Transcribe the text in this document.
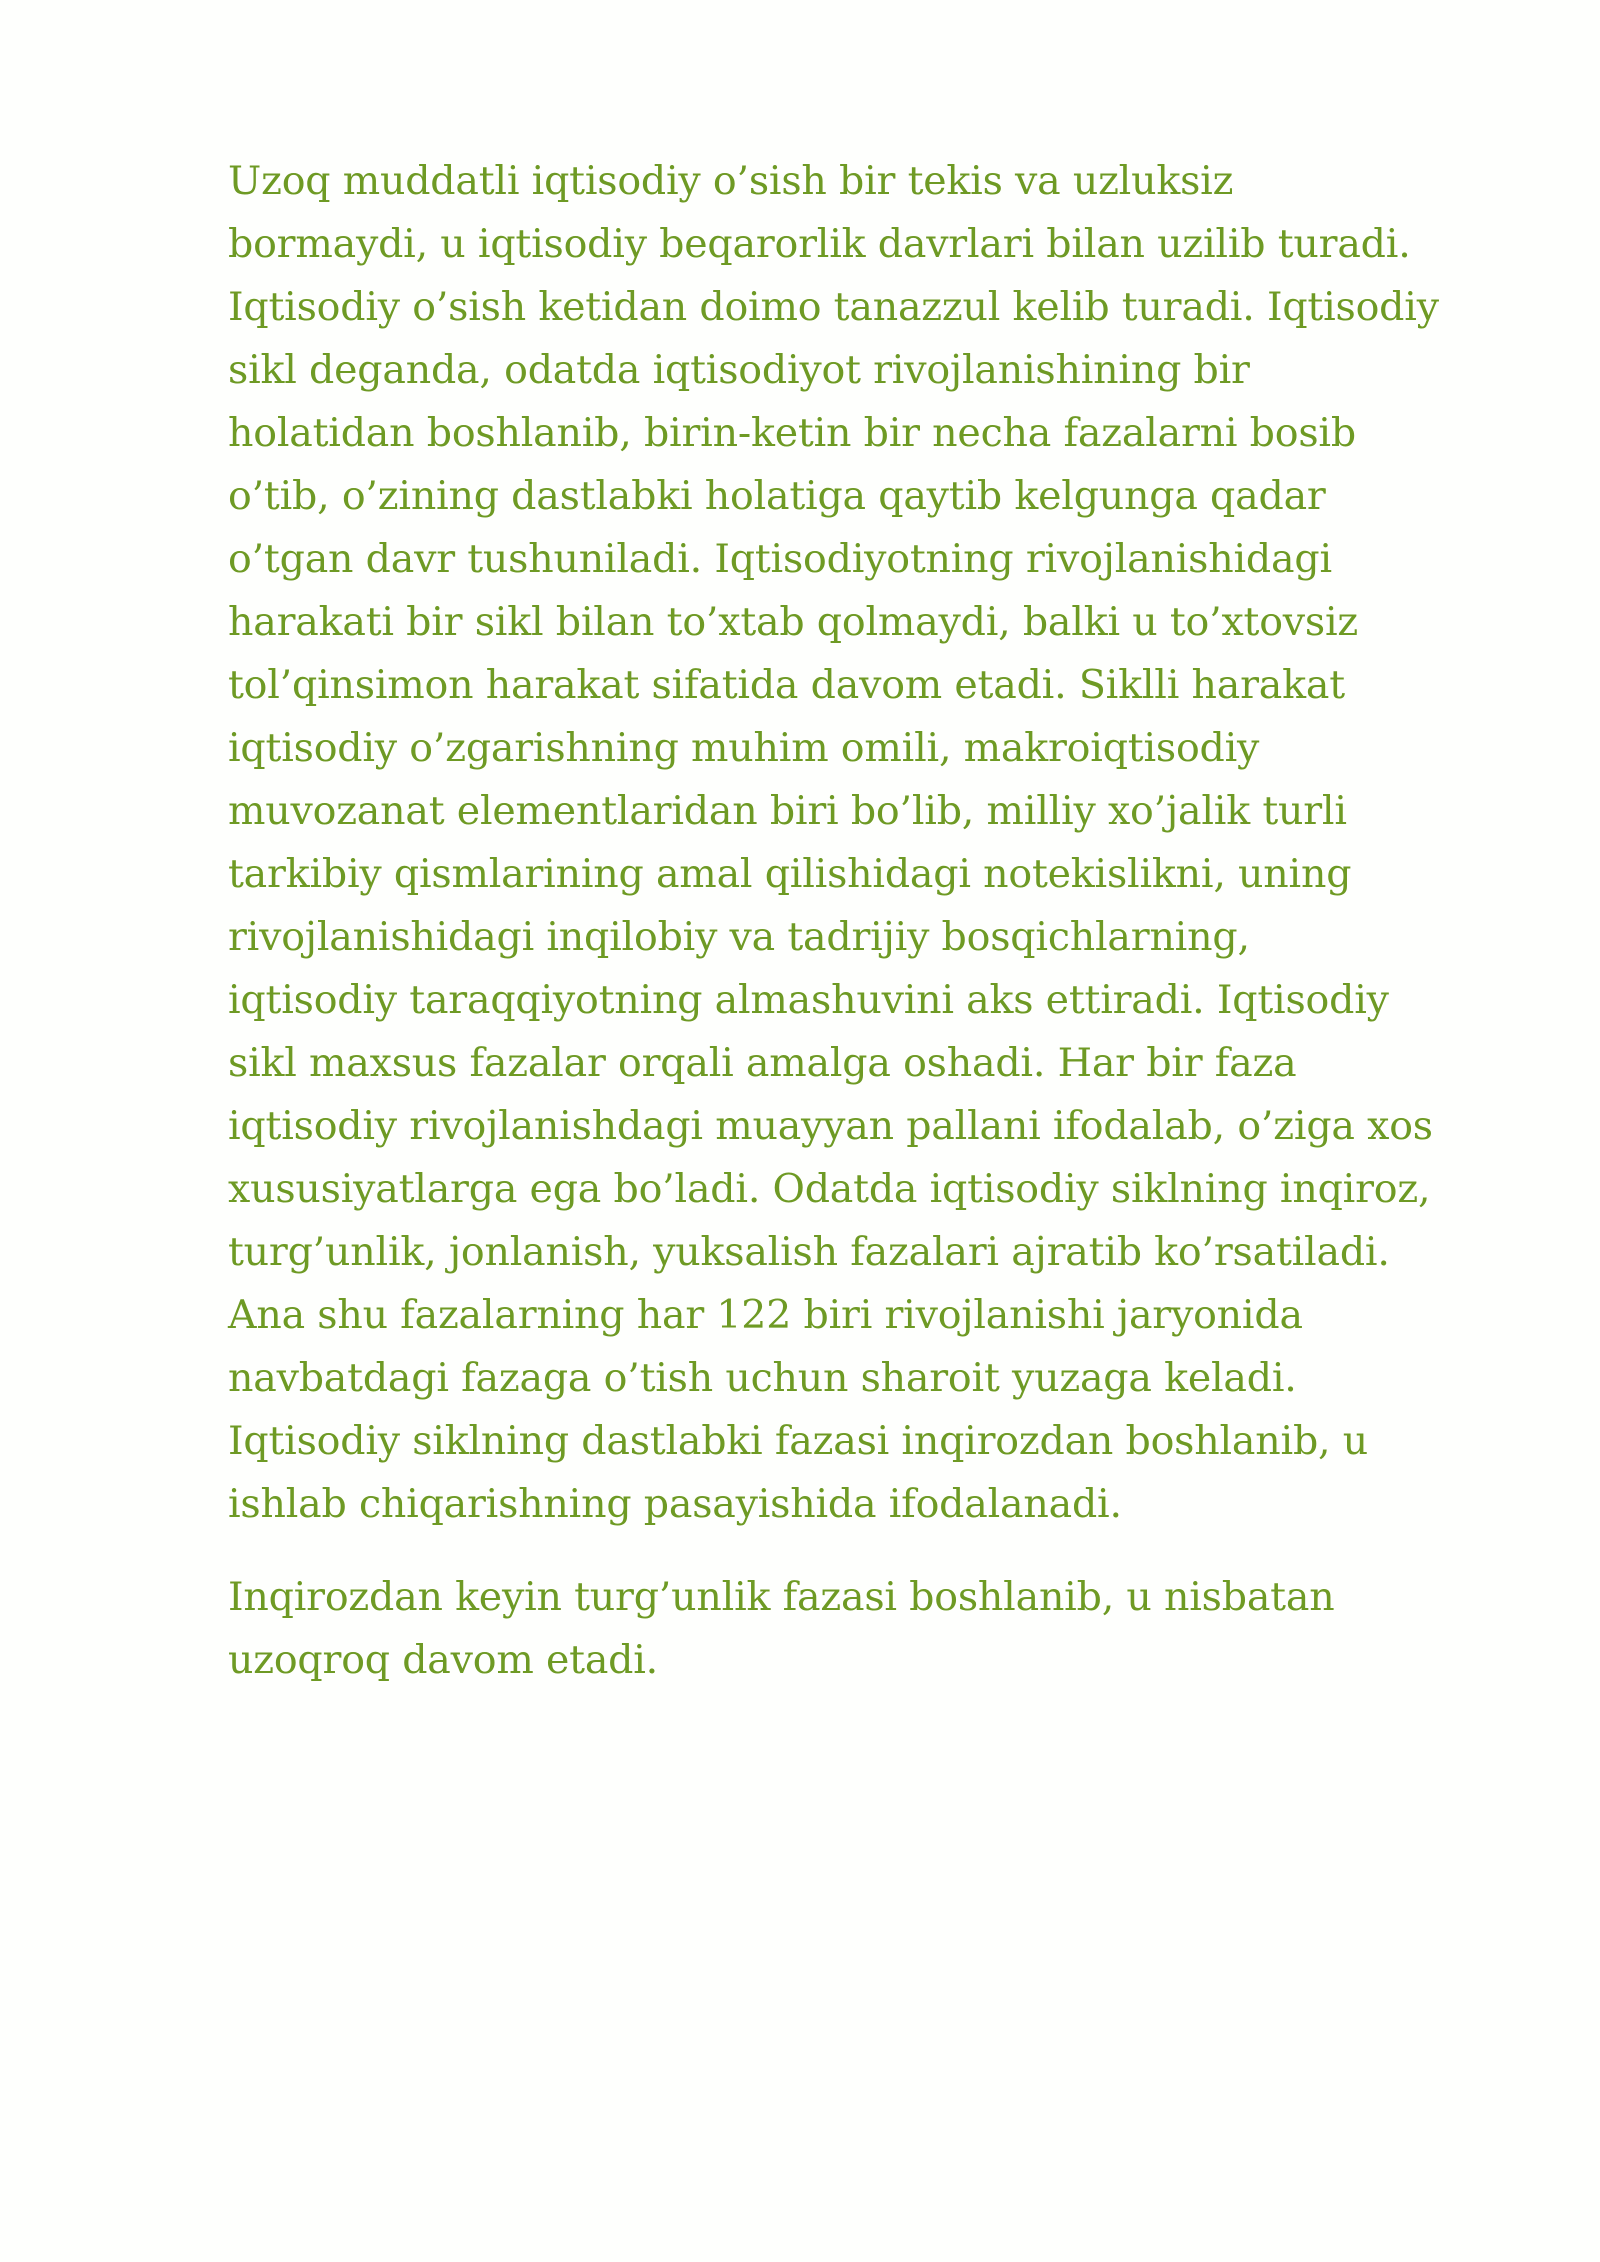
Uzoq muddatli iqtisodiy o’sish bir tekis va uzluksiz
bormaydi, u iqtisodiy beqarorlik davrlari bilan uzilib turadi.
Iqtisodiy o’sish ketidan doimo tanazzul kelib turadi. Iqtisodiy
sikl deganda, odatda iqtisodiyot rivojlanishining bir
holatidan boshlanib, birin-ketin bir necha fazalarni bosib
o’tib, o’zining dastlabki holatiga qaytib kelgunga qadar
o’tgan davr tushuniladi. Iqtisodiyotning rivojlanishidagi
harakati bir sikl bilan to’xtab qolmaydi, balki u to’xtovsiz
tol’qinsimon harakat sifatida davom etadi. Siklli harakat
iqtisodiy o’zgarishning muhim omili, makroiqtisodiy
muvozanat elementlaridan biri bo’lib, milliy xo’jalik turli
tarkibiy qismlarining amal qilishidagi notekislikni, uning
rivojlanishidagi inqilobiy va tadrijiy bosqichlarning,
iqtisodiy taraqqiyotning almashuvini aks ettiradi. Iqtisodiy
sikl maxsus fazalar orqali amalga oshadi. Har bir faza
iqtisodiy rivojlanishdagi muayyan pallani ifodalab, o’ziga xos
xususiyatlarga ega bo’ladi. Odatda iqtisodiy siklning inqiroz,
turg’unlik, jonlanish, yuksalish fazalari ajratib ko’rsatiladi.
Ana shu fazalarning har 122 biri rivojlanishi jaryonida
navbatdagi fazaga o’tish uchun sharoit yuzaga keladi.
Iqtisodiy siklning dastlabki fazasi inqirozdan boshlanib, u
ishlab chiqarishning pasayishida ifodalanadi.

Inqirozdan keyin turg’unlik fazasi boshlanib, u nisbatan
uzoqroq davom etadi.
